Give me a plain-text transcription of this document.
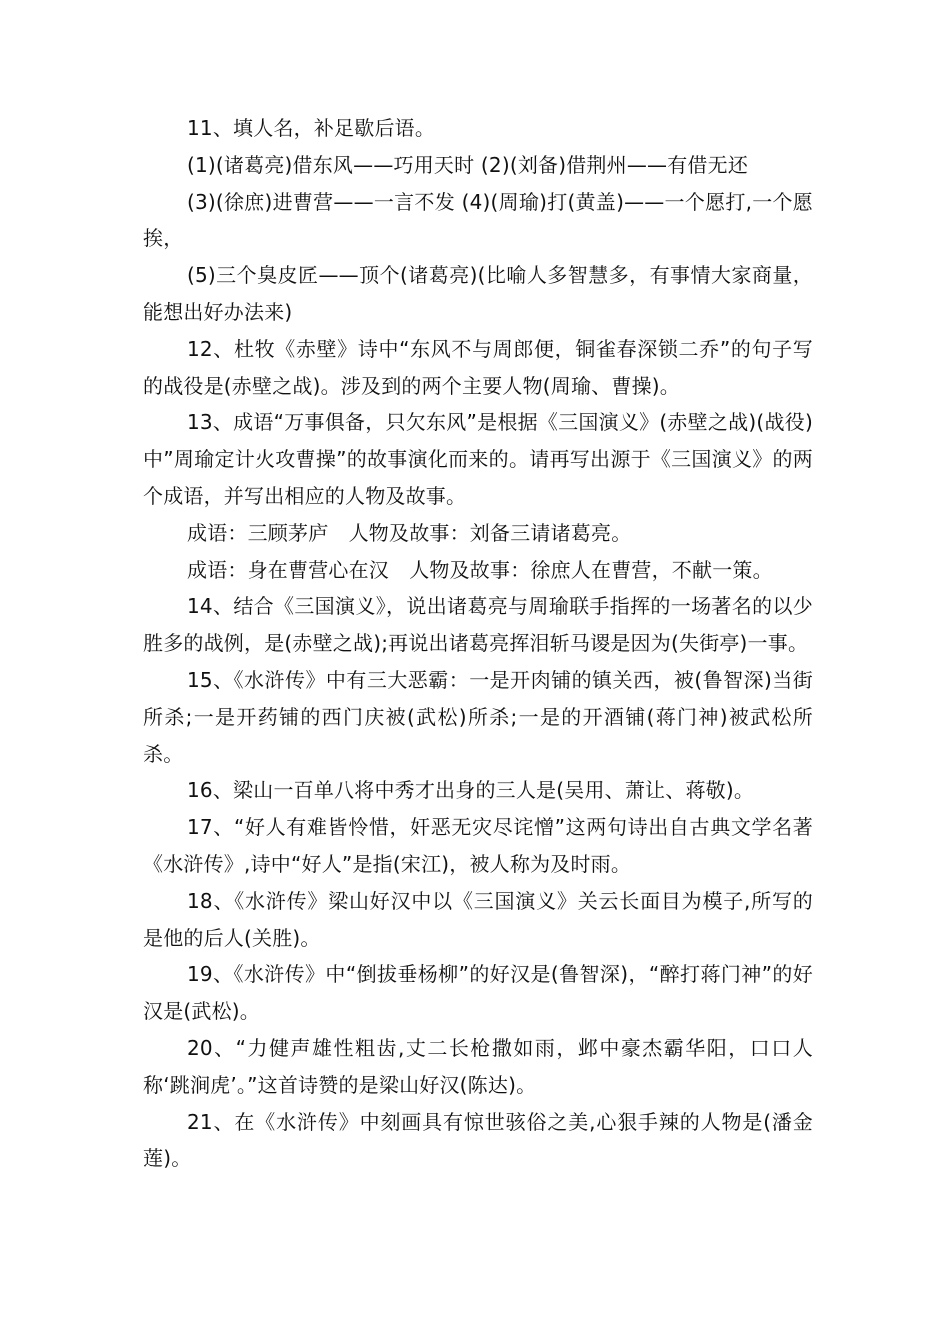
11、填人名，补足歇后语。

(1)(诸葛亮)借东风——巧用天时 (2)(刘备)借荆州——有借无还

(3)(徐庶)进曹营——一言不发 (4)(周瑜)打(黄盖)——一个愿打,一个愿挨，

(5)三个臭皮匠——顶个(诸葛亮)(比喻人多智慧多，有事情大家商量，能想出好办法来)

12、杜牧《赤壁》诗中“东风不与周郎便，铜雀春深锁二乔”的句子写的战役是(赤壁之战)。涉及到的两个主要人物(周瑜、曹操)。

13、成语“万事俱备，只欠东风”是根据《三国演义》(赤壁之战)(战役)中”周瑜定计火攻曹操”的故事演化而来的。请再写出源于《三国演义》的两个成语，并写出相应的人物及故事。

成语：三顾茅庐　人物及故事：刘备三请诸葛亮。

成语：身在曹营心在汉　人物及故事：徐庶人在曹营，不献一策。

14、结合《三国演义》，说出诸葛亮与周瑜联手指挥的一场著名的以少胜多的战例，是(赤壁之战);再说出诸葛亮挥泪斩马谡是因为(失街亭)一事。

15、《水浒传》中有三大恶霸：一是开肉铺的镇关西，被(鲁智深)当街所杀;一是开药铺的西门庆被(武松)所杀;一是的开酒铺(蒋门神)被武松所杀。

16、梁山一百单八将中秀才出身的三人是(吴用、萧让、蒋敬)。

17、“好人有难皆怜惜，奸恶无灾尽诧憎”这两句诗出自古典文学名著《水浒传》,诗中“好人”是指(宋江)，被人称为及时雨。

18、《水浒传》梁山好汉中以《三国演义》关云长面目为模子,所写的是他的后人(关胜)。

19、《水浒传》中“倒拔垂杨柳”的好汉是(鲁智深)，“醉打蒋门神”的好汉是(武松)。

20、“力健声雄性粗齿,丈二长枪撒如雨，邺中豪杰霸华阳，口口人称‘跳涧虎’。”这首诗赞的是梁山好汉(陈达)。

21、在《水浒传》中刻画具有惊世骇俗之美,心狠手辣的人物是(潘金莲)。
